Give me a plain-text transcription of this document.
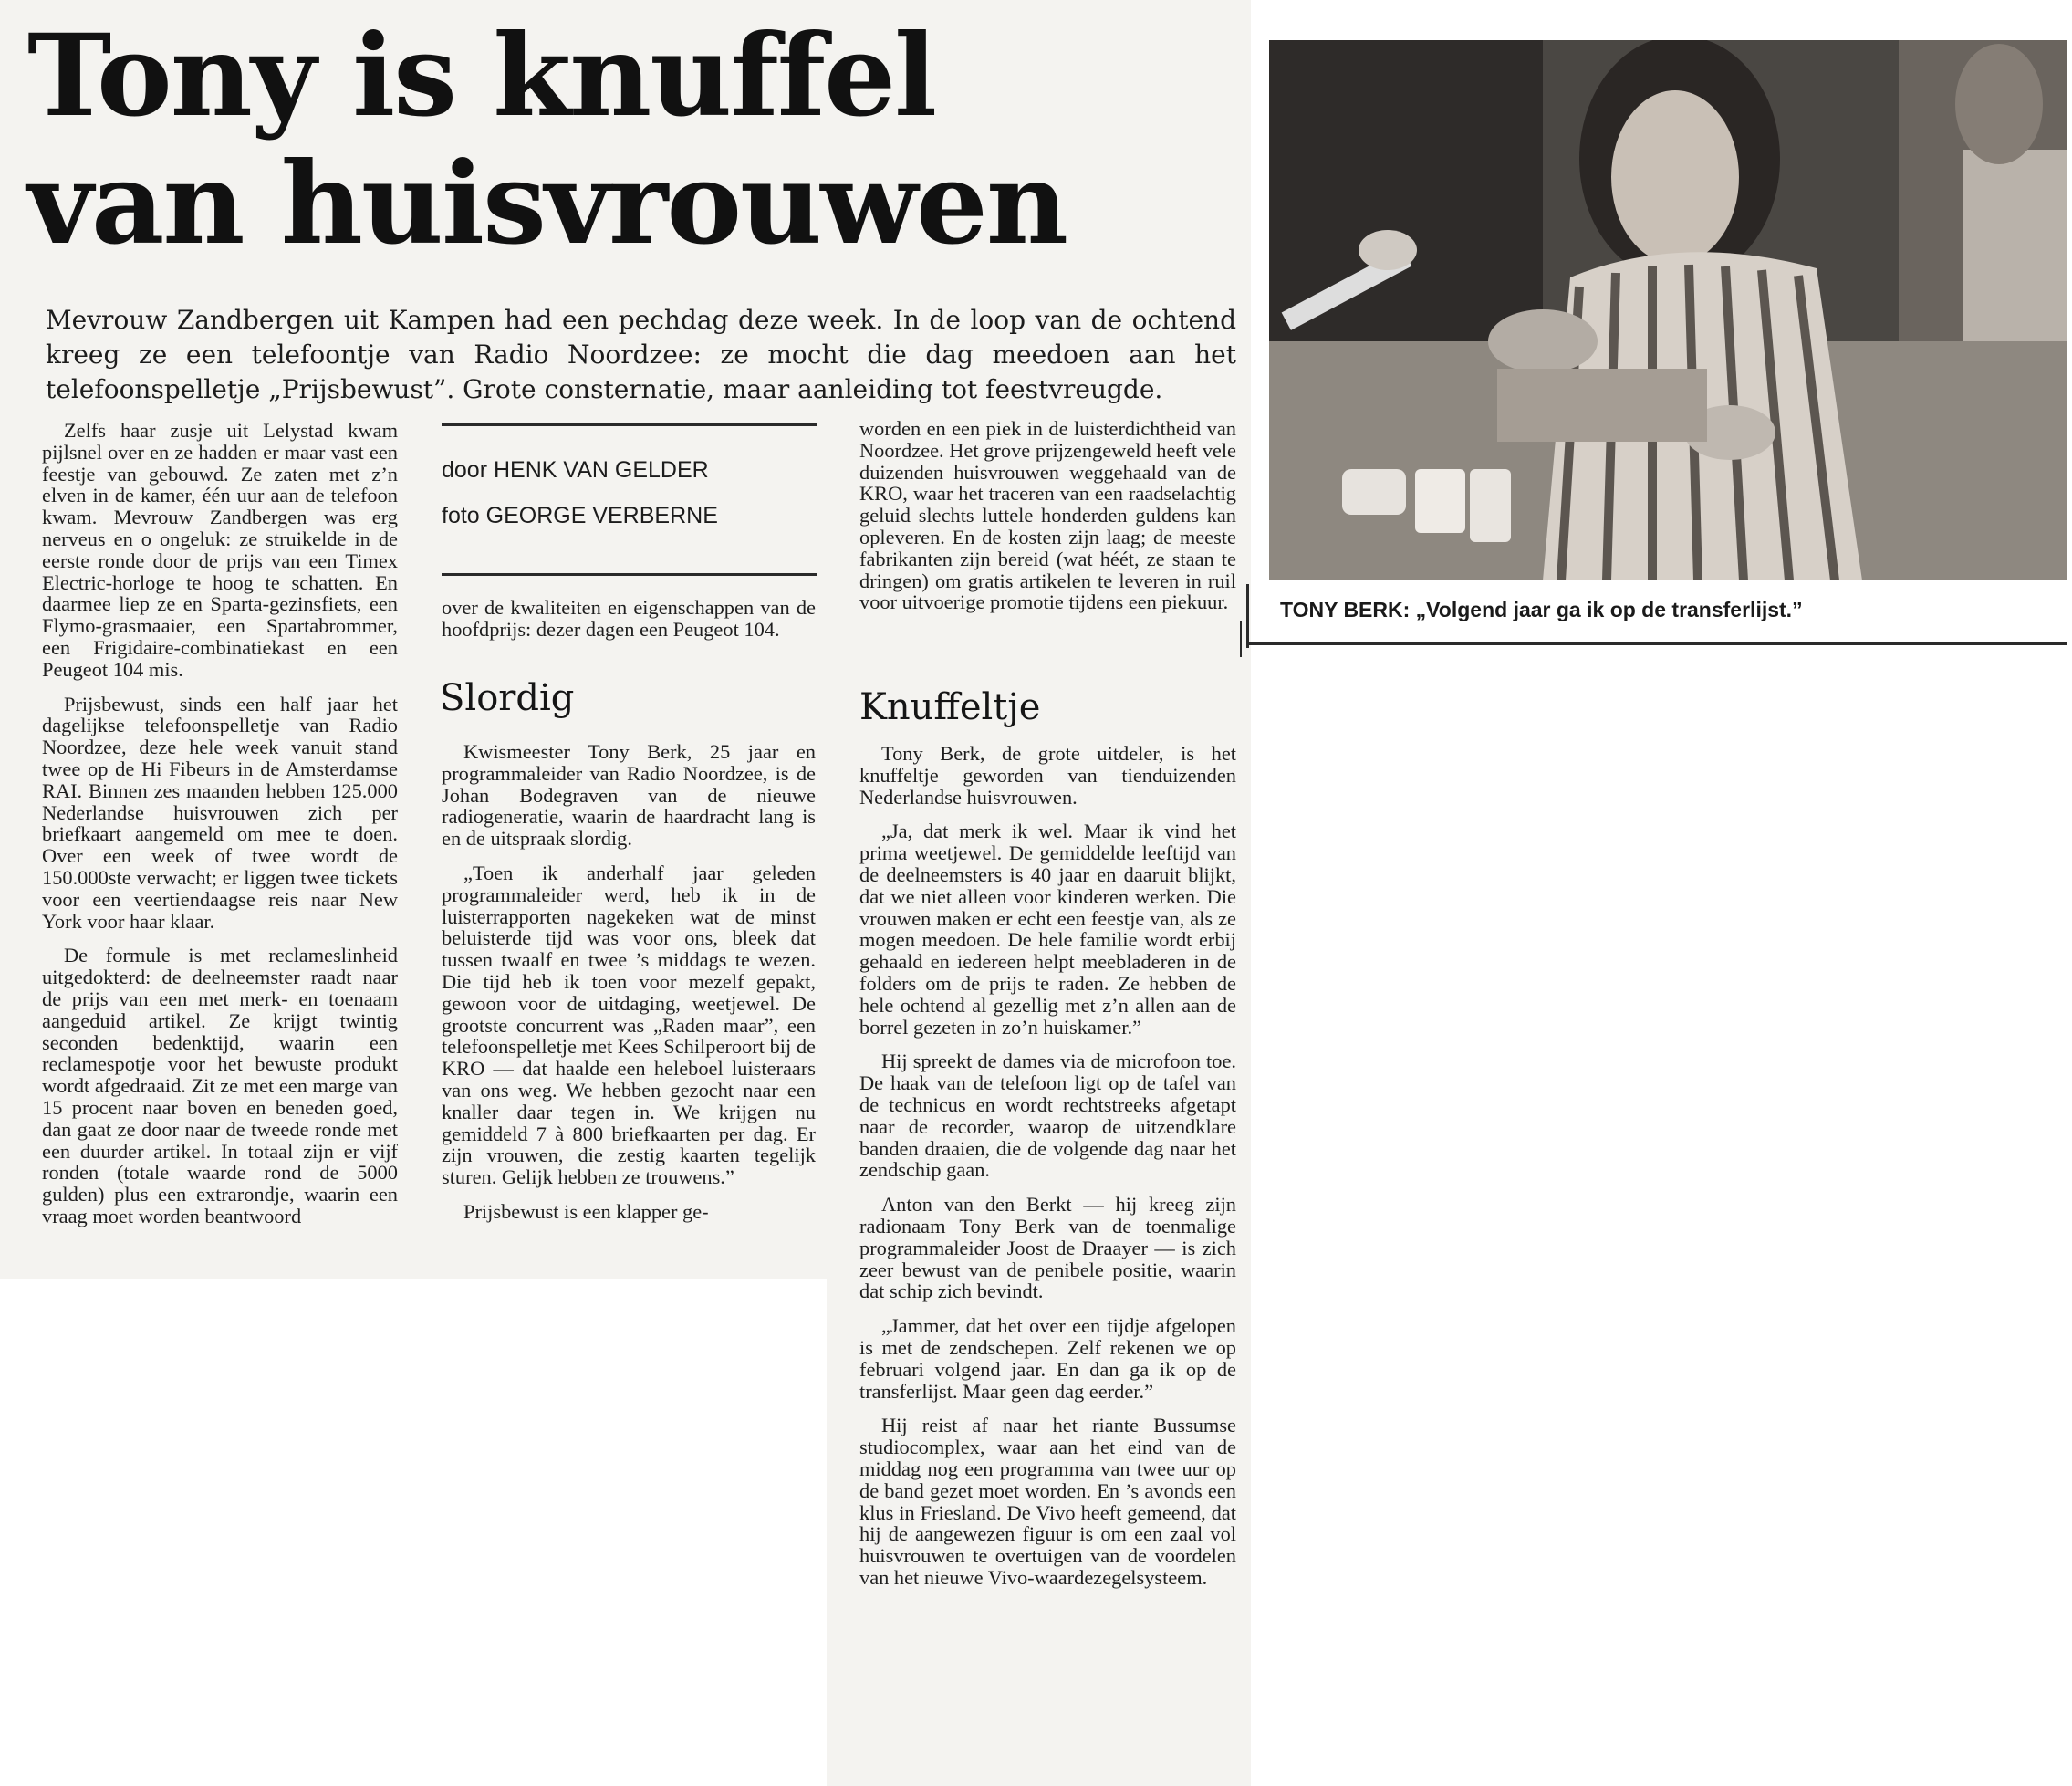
Tony is knuffel
van huisvrouwen
Mevrouw Zandbergen uit Kampen had een pechdag deze week. In de loop van de ochtend kreeg ze een telefoontje van Radio Noordzee: ze mocht die dag meedoen aan het telefoonspelletje „Prijsbewust”. Grote consternatie, maar aanleiding tot feestvreugde.
door HENK VAN GELDER
foto GEORGE VERBERNE

Zelfs haar zusje uit Lelystad kwam pijlsnel over en ze hadden er maar vast een feestje van gebouwd. Ze zaten met z’n elven in de kamer, één uur aan de telefoon kwam. Mevrouw Zandbergen was erg nerveus en o ongeluk: ze struikelde in de eerste ronde door de prijs van een Timex Electric-horloge te hoog te schatten. En daarmee liep ze en Sparta-gezinsfiets, een Flymo-grasmaaier, een Spartabrommer, een Frigidaire-combinatiekast en een Peugeot 104 mis.

Prijsbewust, sinds een half jaar het dagelijkse telefoonspelletje van Radio Noordzee, deze hele week vanuit stand twee op de Hi Fibeurs in de Amsterdamse RAI. Binnen zes maanden hebben 125.000 Nederlandse huisvrouwen zich per briefkaart aangemeld om mee te doen. Over een week of twee wordt de 150.000ste verwacht; er liggen twee tickets voor een veertiendaagse reis naar New York voor haar klaar.

De formule is met reclameslinheid uitgedokterd: de deelneemster raadt naar de prijs van een met merk- en toenaam aangeduid artikel. Ze krijgt twintig seconden bedenktijd, waarin een reclamespotje voor het bewuste produkt wordt afgedraaid. Zit ze met een marge van 15 procent naar boven en beneden goed, dan gaat ze door naar de tweede ronde met een duurder artikel. In totaal zijn er vijf ronden (totale waarde rond de 5000 gulden) plus een extrarondje, waarin een vraag moet worden beantwoord

over de kwaliteiten en eigenschappen van de hoofdprijs: dezer dagen een Peugeot 104.

Slordig

Kwismeester Tony Berk, 25 jaar en programmaleider van Radio Noordzee, is de Johan Bodegraven van de nieuwe radiogeneratie, waarin de haardracht lang is en de uitspraak slordig.

„Toen ik anderhalf jaar geleden programmaleider werd, heb ik in de luisterrapporten nagekeken wat de minst beluisterde tijd was voor ons, bleek dat tussen twaalf en twee ’s middags te wezen. Die tijd heb ik toen voor mezelf gepakt, gewoon voor de uitdaging, weetjewel. De grootste concurrent was „Raden maar”, een telefoonspelletje met Kees Schilperoort bij de KRO — dat haalde een heleboel luisteraars van ons weg. We hebben gezocht naar een knaller daar tegen in. We krijgen nu gemiddeld 7 à 800 briefkaarten per dag. Er zijn vrouwen, die zestig kaarten tegelijk sturen. Gelijk hebben ze trouwens.”

Prijsbewust is een klapper ge-

worden en een piek in de luisterdichtheid van Noordzee. Het grove prijzengeweld heeft vele duizenden huisvrouwen weggehaald van de KRO, waar het traceren van een raadselachtig geluid slechts luttele honderden guldens kan opleveren. En de kosten zijn laag; de meeste fabrikanten zijn bereid (wat héét, ze staan te dringen) om gratis artikelen te leveren in ruil voor uitvoerige promotie tijdens een piekuur.

Knuffeltje

Tony Berk, de grote uitdeler, is het knuffeltje geworden van tienduizenden Nederlandse huisvrouwen.

„Ja, dat merk ik wel. Maar ik vind het prima weetjewel. De gemiddelde leeftijd van de deelneemsters is 40 jaar en daaruit blijkt, dat we niet alleen voor kinderen werken. Die vrouwen maken er echt een feestje van, als ze mogen meedoen. De hele familie wordt erbij gehaald en iedereen helpt meebladeren in de folders om de prijs te raden. Ze hebben de hele ochtend al gezellig met z’n allen aan de borrel gezeten in zo’n huiskamer.”

Hij spreekt de dames via de microfoon toe. De haak van de telefoon ligt op de tafel van de technicus en wordt rechtstreeks afgetapt naar de recorder, waarop de uitzendklare banden draaien, die de volgende dag naar het zendschip gaan.

Anton van den Berkt — hij kreeg zijn radionaam Tony Berk van de toenmalige programmaleider Joost de Draayer — is zich zeer bewust van de penibele positie, waarin dat schip zich bevindt.

„Jammer, dat het over een tijdje afgelopen is met de zendschepen. Zelf rekenen we op februari volgend jaar. En dan ga ik op de transferlijst. Maar geen dag eerder.”

Hij reist af naar het riante Bussumse studiocomplex, waar aan het eind van de middag nog een programma van twee uur op de band gezet moet worden. En ’s avonds een klus in Friesland. De Vivo heeft gemeend, dat hij de aangewezen figuur is om een zaal vol huisvrouwen te overtuigen van de voordelen van het nieuwe Vivo-waardezegelsysteem.

TONY BERK: „Volgend jaar ga ik op de transferlijst.”
